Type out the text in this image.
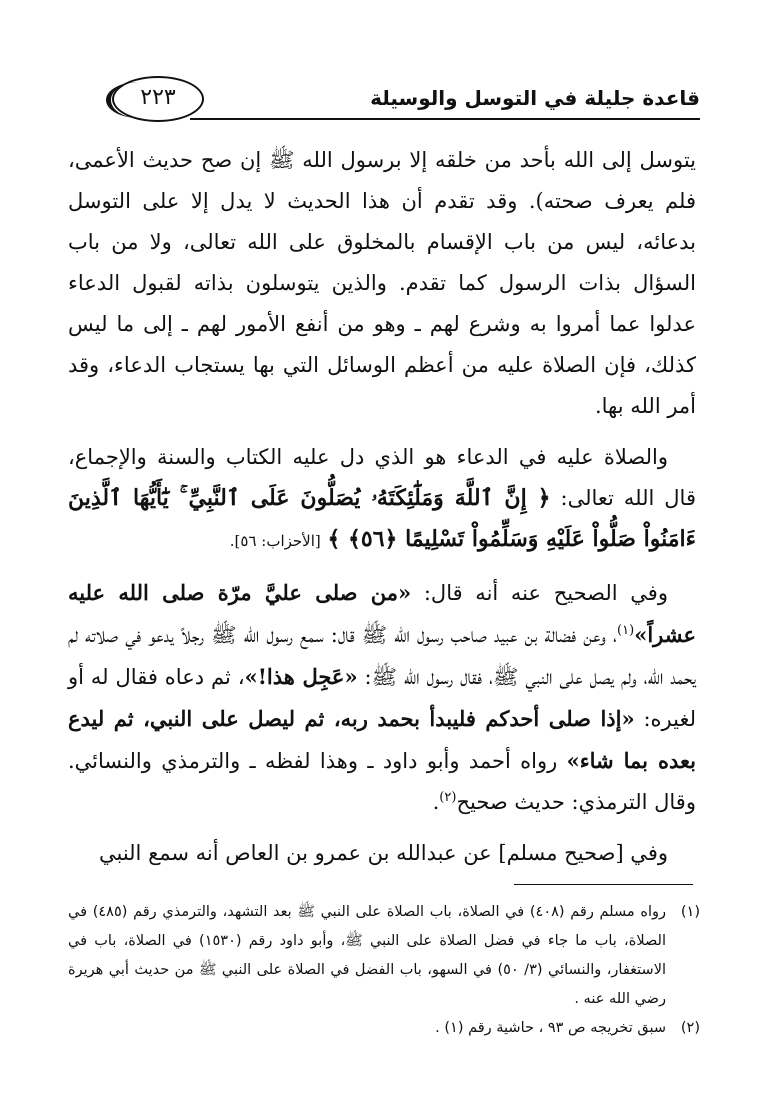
قاعدة جليلة في التوسل والوسيلة
٢٢٣

يتوسل إلى الله بأحد من خلقه إلا برسول الله ﷺ إن صح حديث الأعمى، فلم يعرف صحته). وقد تقدم أن هذا الحديث لا يدل إلا على التوسل بدعائه، ليس من باب الإقسام بالمخلوق على الله تعالى، ولا من باب السؤال بذات الرسول كما تقدم. والذين يتوسلون بذاته لقبول الدعاء عدلوا عما أمروا به وشرع لهم ـ وهو من أنفع الأمور لهم ـ إلى ما ليس كذلك، فإن الصلاة عليه من أعظم الوسائل التي بها يستجاب الدعاء، وقد أمر الله بها.

والصلاة عليه في الدعاء هو الذي دل عليه الكتاب والسنة والإجماع، قال الله تعالى: ﴿ إِنَّ ٱللَّهَ وَمَلَٰٓئِكَتَهُۥ يُصَلُّونَ عَلَى ٱلنَّبِيِّ ۚ يَٰٓأَيُّهَا ٱلَّذِينَ ءَامَنُواْ صَلُّواْ عَلَيْهِ وَسَلِّمُواْ تَسْلِيمًا ﴿٥٦﴾ ﴾ [الأحزاب: ٥٦].

وفي الصحيح عنه أنه قال: «من صلى عليَّ مرّة صلى الله عليه عشراً»$^{(١)}$، وعن فضالة بن عبيد صاحب رسول الله ﷺ قال: سمع رسول الله ﷺ رجلاً يدعو في صلاته لم يحمد الله، ولم يصل على النبي ﷺ، فقال رسول الله ﷺ: «عَجِل هذا!»، ثم دعاه فقال له أو لغيره: «إذا صلى أحدكم فليبدأ بحمد ربه، ثم ليصل على النبي، ثم ليدع بعده بما شاء» رواه أحمد وأبو داود ـ وهذا لفظه ـ والترمذي والنسائي. وقال الترمذي: حديث صحيح$^{(٢)}$.

وفي [صحيح مسلم] عن عبدالله بن عمرو بن العاص أنه سمع النبي

(١)
رواه مسلم رقم (٤٠٨) في الصلاة، باب الصلاة على النبي ﷺ بعد التشهد، والترمذي رقم (٤٨٥) في الصلاة، باب ما جاء في فضل الصلاة على النبي ﷺ، وأبو داود رقم (١٥٣٠) في الصلاة، باب في الاستغفار، والنسائي (٣/ ٥٠) في السهو، باب الفضل في الصلاة على النبي ﷺ من حديث أبي هريرة رضي الله عنه .
(٢)
سبق تخريجه ص ٩٣ ، حاشية رقم (١) .
